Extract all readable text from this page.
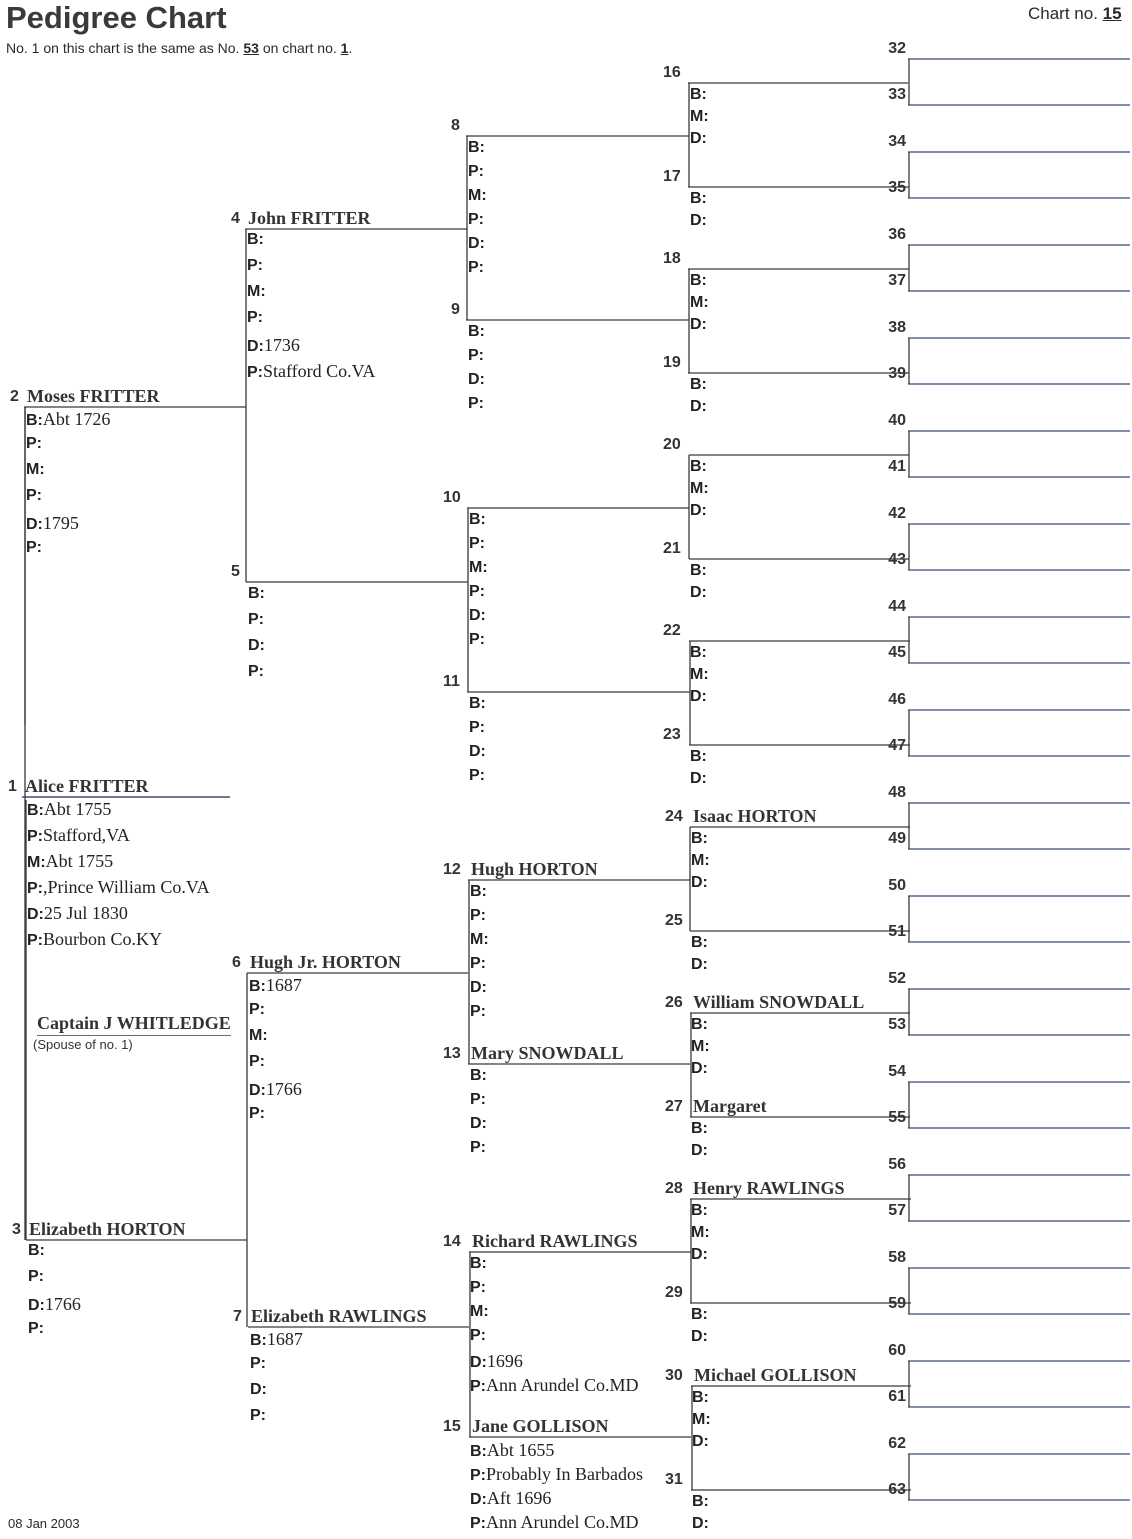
Pedigree Chart
No. 1 on this chart is the same as No. 53 on chart no. 1.
Chart no. 15
1 Alice FRITTER
B:Abt 1755
P:Stafford,VA
M:Abt 1755
P:,Prince William Co.VA
D:25 Jul 1830
P:Bourbon Co.KY
2 Moses FRITTER
B:Abt 1726
P:
M:
P:
D:1795
P:
3 Elizabeth HORTON
B:
P:
D:1766
P:
4 John FRITTER
B:
P:
M:
P:
D:1736
P:Stafford Co.VA
5
B:
P:
D:
P:
6 Hugh Jr. HORTON
B:1687
P:
M:
P:
D:1766
P:
7 Elizabeth RAWLINGS
B:1687
P:
D:
P:
8
B:
P:
M:
P:
D:
P:
9
B:
P:
D:
P:
10
B:
P:
M:
P:
D:
P:
11
B:
P:
D:
P:
12 Hugh HORTON
B:
P:
M:
P:
D:
P:
13 Mary SNOWDALL
B:
P:
D:
P:
14 Richard RAWLINGS
B:
P:
M:
P:
D:1696
P:Ann Arundel Co.MD
15 Jane GOLLISON
B:Abt 1655
P:Probably In Barbados
D:Aft 1696
P:Ann Arundel Co.MD
16
B:
M:
D:
17
B:
D:
18
B:
M:
D:
19
B:
D:
20
B:
M:
D:
21
B:
D:
22
B:
M:
D:
23
B:
D:
24 Isaac HORTON
B:
M:
D:
25
B:
D:
26 William SNOWDALL
B:
M:
D:
27 Margaret
B:
D:
28 Henry RAWLINGS
B:
M:
D:
29
B:
D:
30 Michael GOLLISON
B:
M:
D:
31
B:
D:
32
33
34
35
36
37
38
39
40
41
42
43
44
45
46
47
48
49
50
51
52
53
54
55
56
57
58
59
60
61
62
63
Captain J WHITLEDGE
(Spouse of no. 1)
08 Jan 2003
